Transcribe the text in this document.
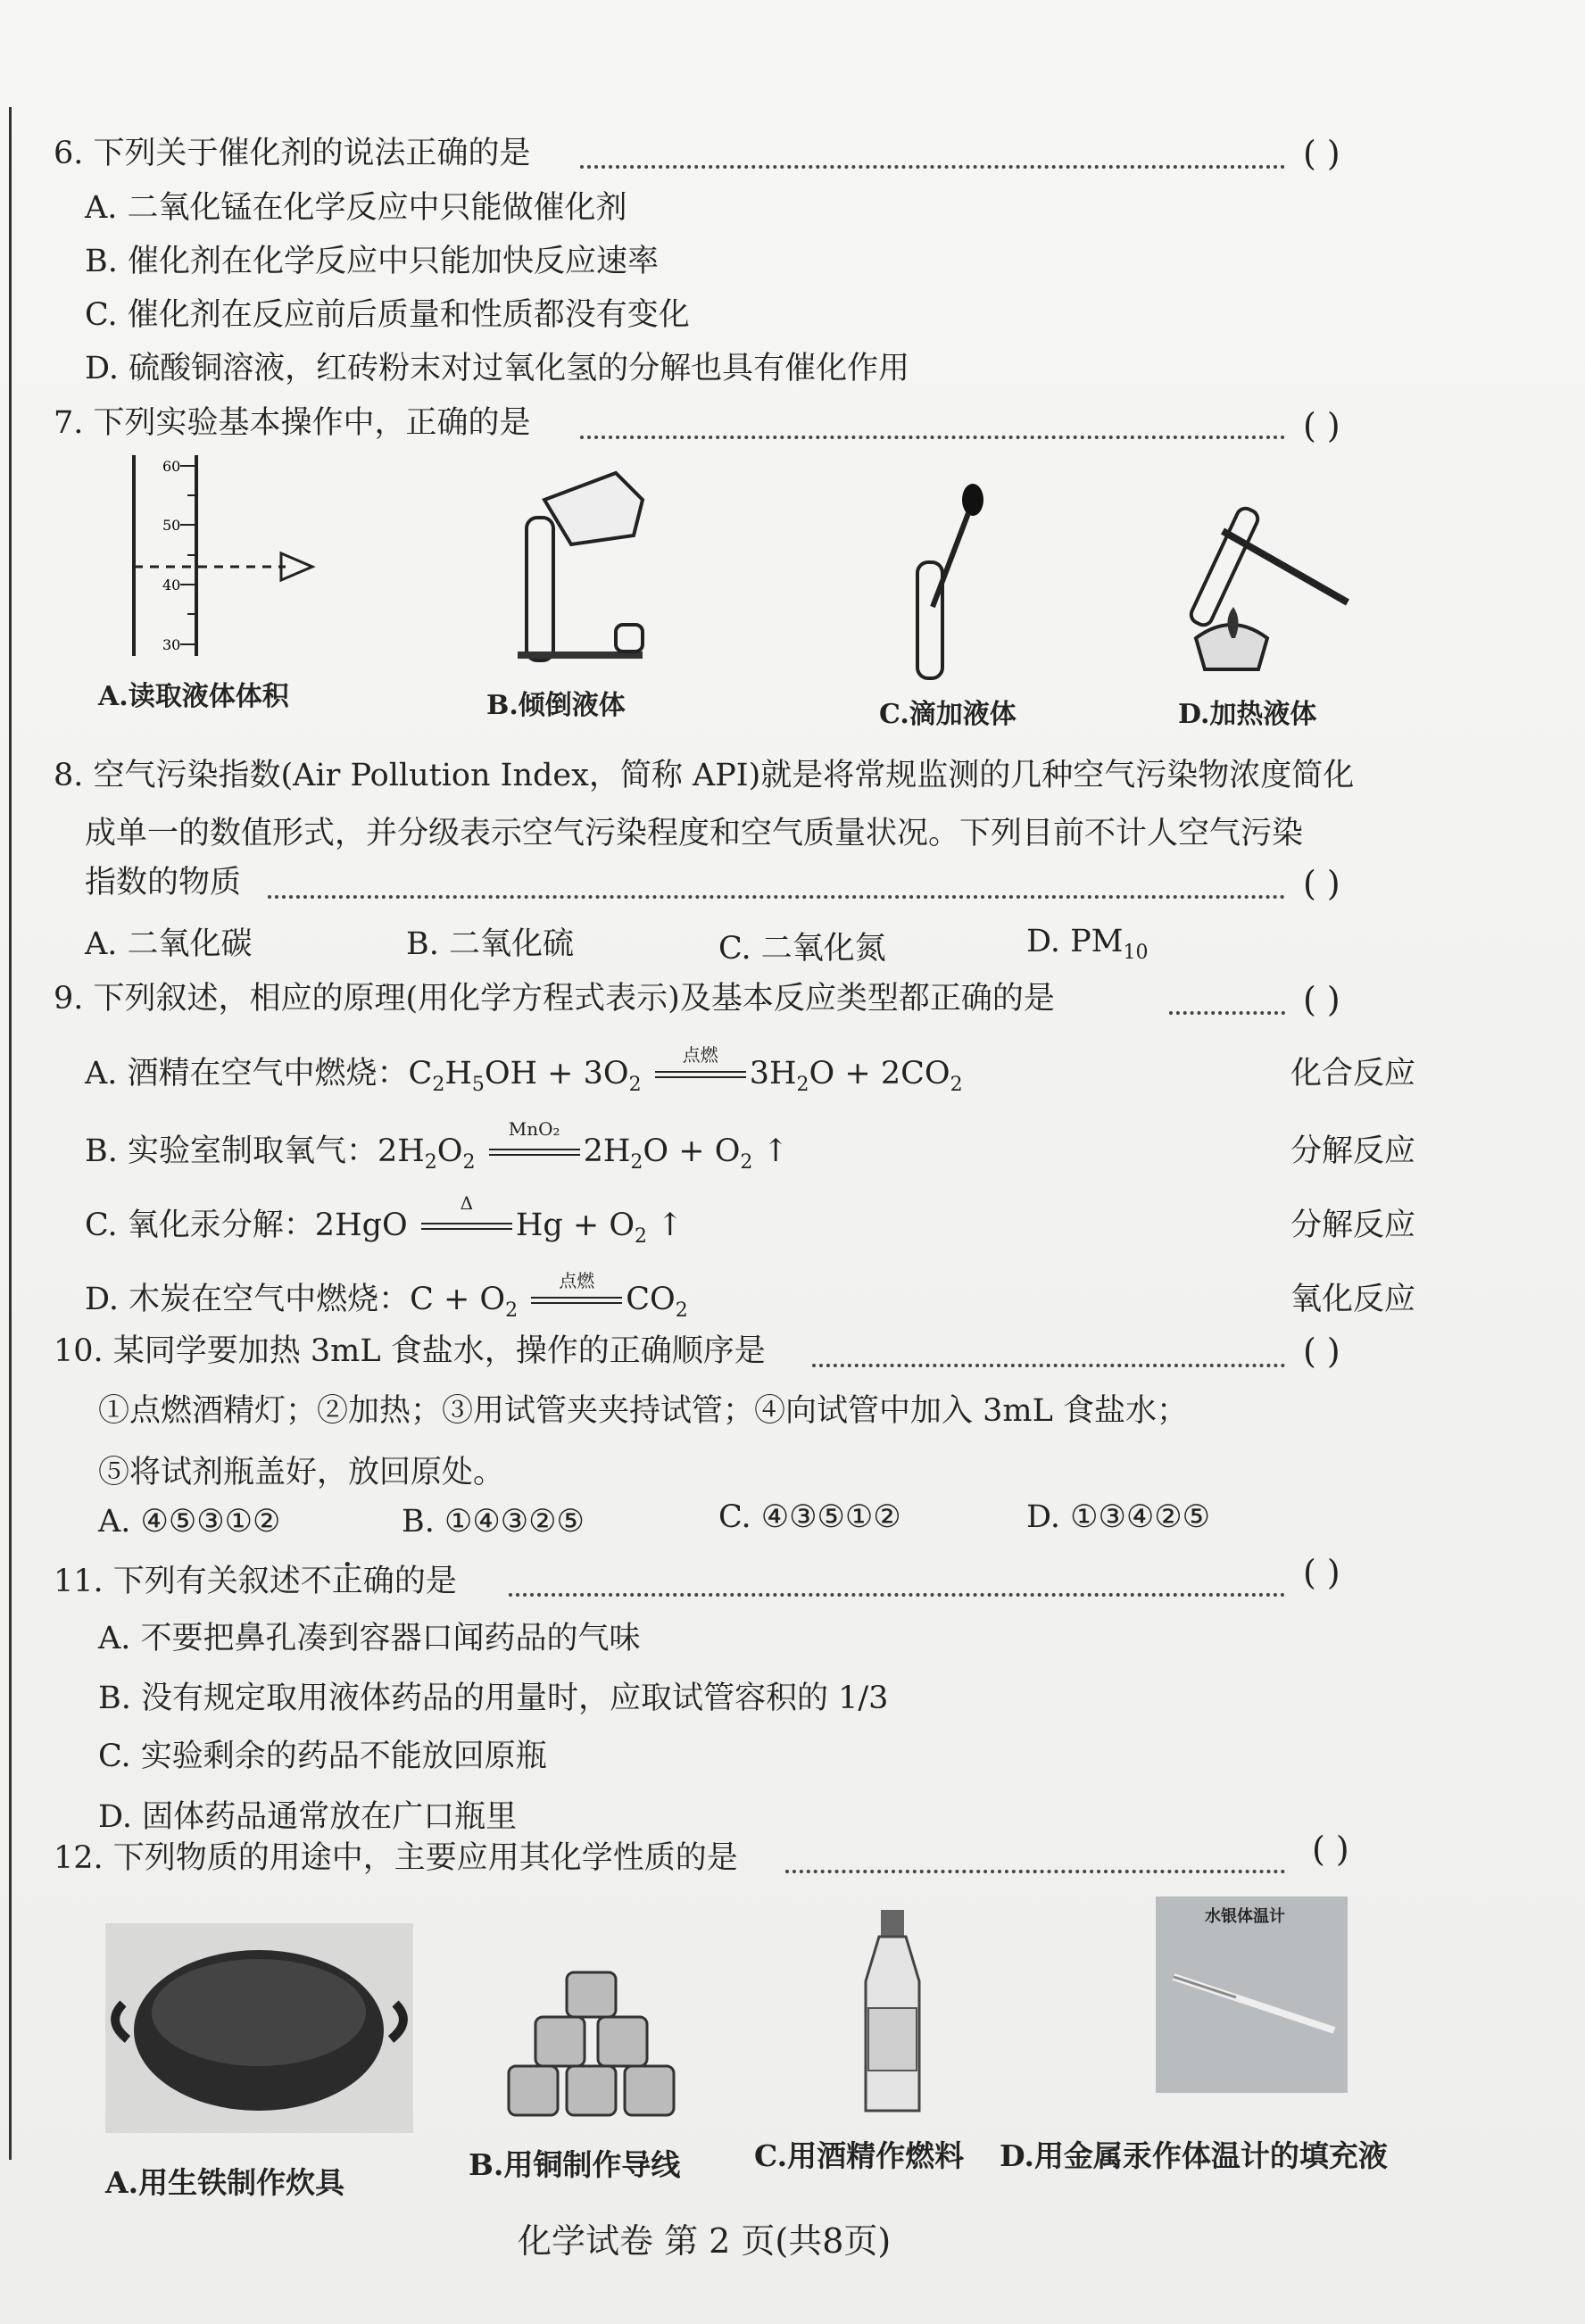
6. 下列关于催化剂的说法正确的是	( )
A. 二氧化锰在化学反应中只能做催化剂
B. 催化剂在化学反应中只能加快反应速率
C. 催化剂在反应前后质量和性质都没有变化
D. 硫酸铜溶液，红砖粉末对过氧化氢的分解也具有催化作用
7. 下列实验基本操作中，正确的是	( )
60
50
40
30
A.读取液体体积	B.倾倒液体	C.滴加液体	D.加热液体
8. 空气污染指数(Air Pollution Index，简称 API)就是将常规监测的几种空气污染物浓度简化
成单一的数值形式，并分级表示空气污染程度和空气质量状况。下列目前不计人空气污染
指数的物质	( )
A. 二氧化碳	B. 二氧化硫	C. 二氧化氮	D. $PM_{10}$
9. 下列叙述，相应的原理(用化学方程式表示)及基本反应类型都正确的是	( )
A. 酒精在空气中燃烧：$C_2H_5OH + 3O_2$
点燃
$3H_2O + 2CO_2$	化合反应
B. 实验室制取氧气：$2H_2O_2$
MnO₂
$2H_2O + O_2$ ↑	分解反应
C. 氧化汞分解：2HgO
Δ
$Hg + O_2$ ↑	分解反应
D. 木炭在空气中燃烧：$C + O_2$
点燃
$CO_2$	氧化反应
10. 某同学要加热 3mL 食盐水，操作的正确顺序是	( )
①点燃酒精灯；②加热；③用试管夹夹持试管；④向试管中加入 3mL 食盐水；
⑤将试剂瓶盖好，放回原处。
A. ④⑤③①②	B. ①④③②⑤	C. ④③⑤①②	D. ①③④②⑤
11. 下列有关叙述不正确的是	( )
A. 不要把鼻孔凑到容器口闻药品的气味
B. 没有规定取用液体药品的用量时，应取试管容积的 1/3
C. 实验剩余的药品不能放回原瓶
D. 固体药品通常放在广口瓶里
12. 下列物质的用途中，主要应用其化学性质的是	( )
A.用生铁制作炊具
B.用铜制作导线	C.用酒精作燃料
水银体温计
D.用金属汞作体温计的填充液
化学试卷 第 2 页(共8页)
